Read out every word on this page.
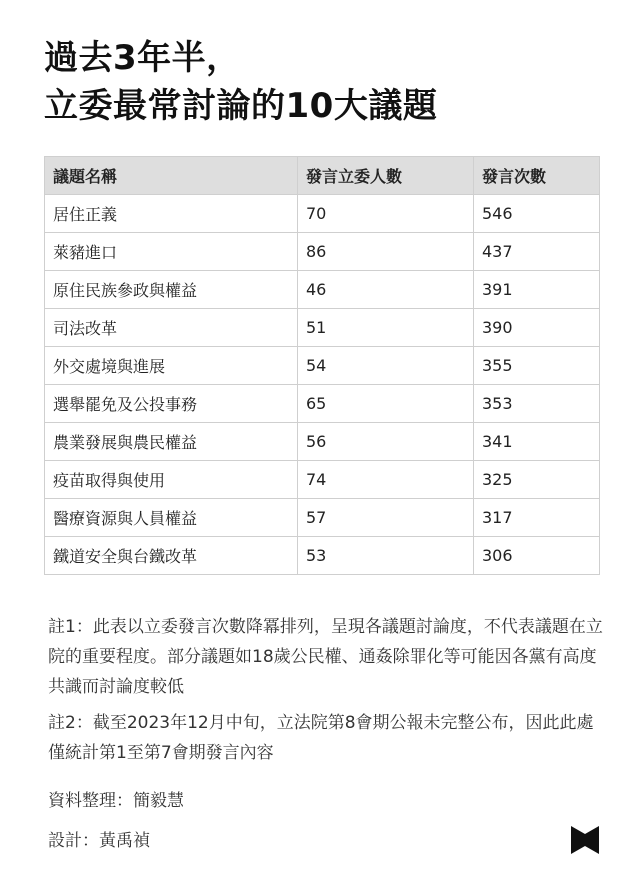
過去3年半，
立委最常討論的10大議題
議題名稱	發言立委人數	發言次數
居住正義	70	546
萊豬進口	86	437
原住民族參政與權益	46	391
司法改革	51	390
外交處境與進展	54	355
選舉罷免及公投事務	65	353
農業發展與農民權益	56	341
疫苗取得與使用	74	325
醫療資源與人員權益	57	317
鐵道安全與台鐵改革	53	306

註1：此表以立委發言次數降冪排列，呈現各議題討論度，不代表議題在立院的重要程度。部分議題如18歲公民權、通姦除罪化等可能因各黨有高度共識而討論度較低

註2：截至2023年12月中旬，立法院第8會期公報未完整公布，因此此處僅統計第1至第7會期發言內容

資料整理：簡毅慧

設計：黃禹禎
